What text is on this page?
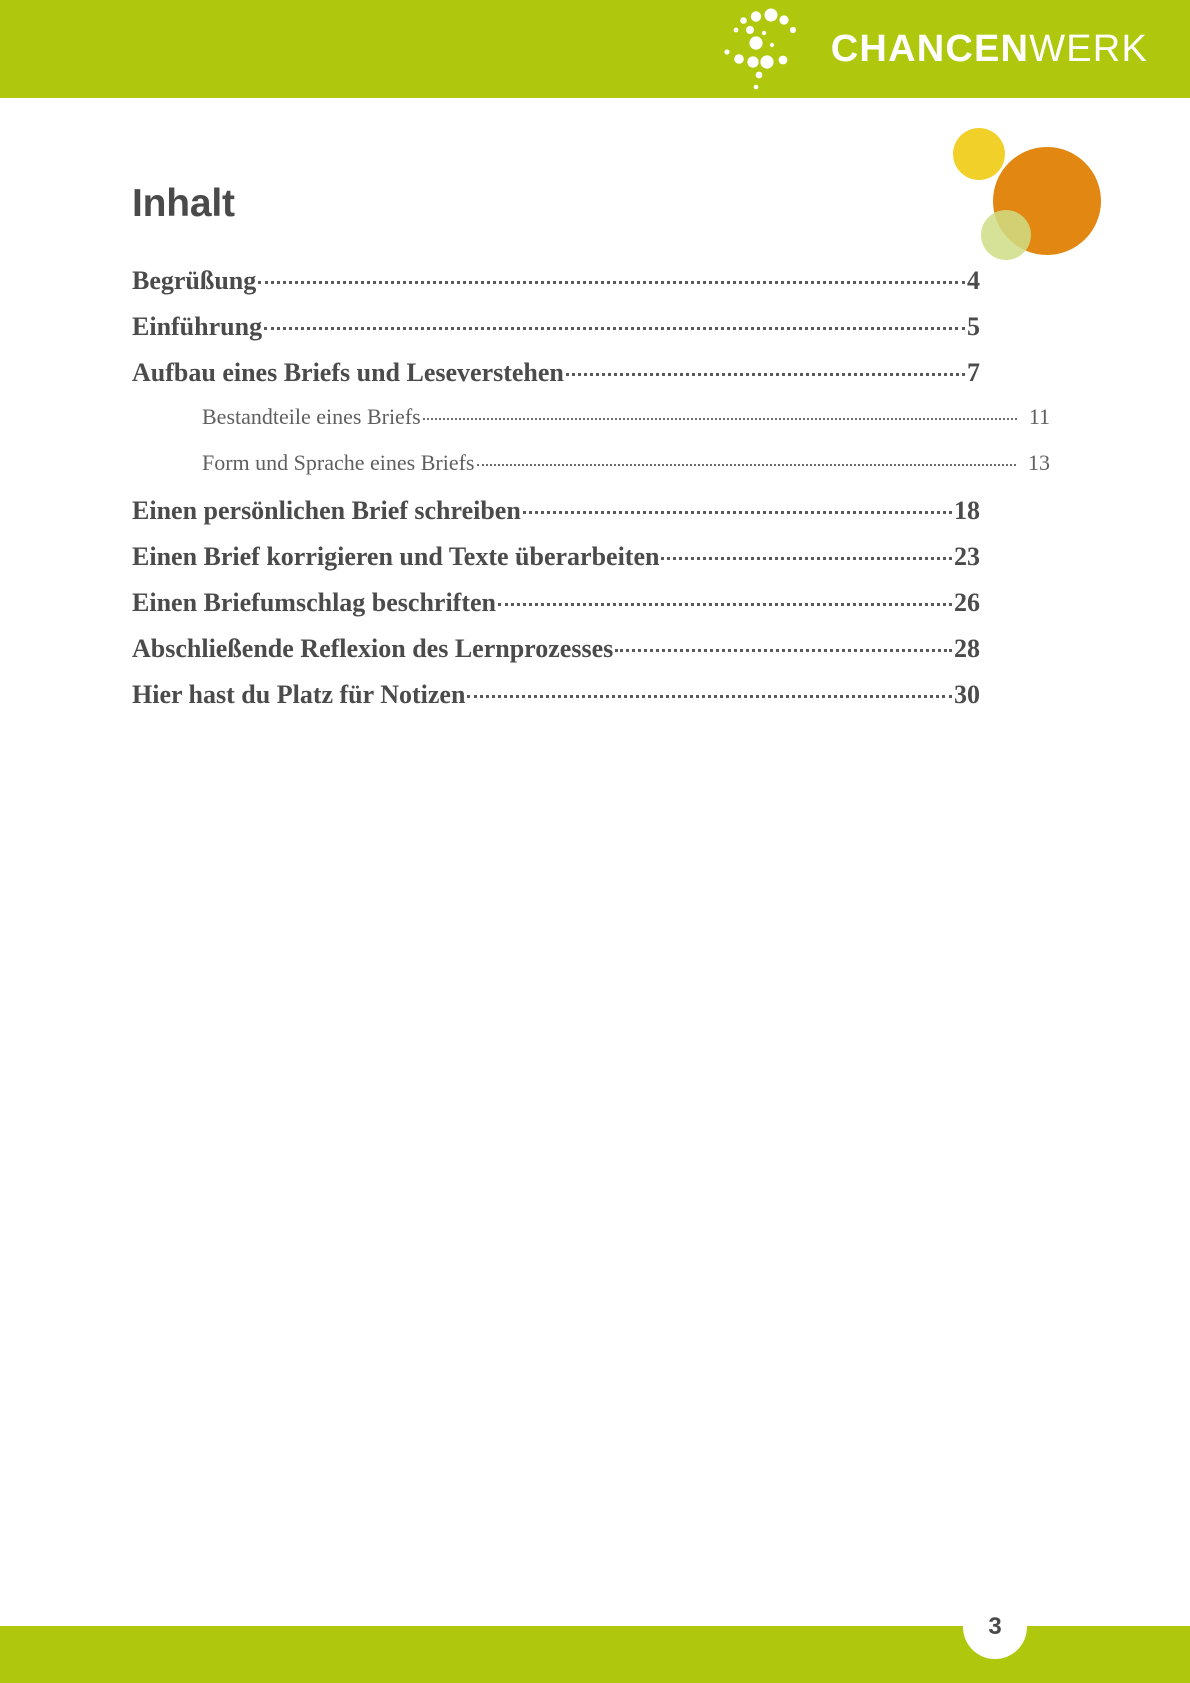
CHANCEN WERK
Inhalt
Begrüßung	4
Einführung	5
Aufbau eines Briefs und Leseverstehen	7
Bestandteile eines Briefs	11
Form und Sprache eines Briefs	13
Einen persönlichen Brief schreiben	18
Einen Brief korrigieren und Texte überarbeiten	23
Einen Briefumschlag beschriften	26
Abschließende Reflexion des Lernprozesses	28
Hier hast du Platz für Notizen	30
3
